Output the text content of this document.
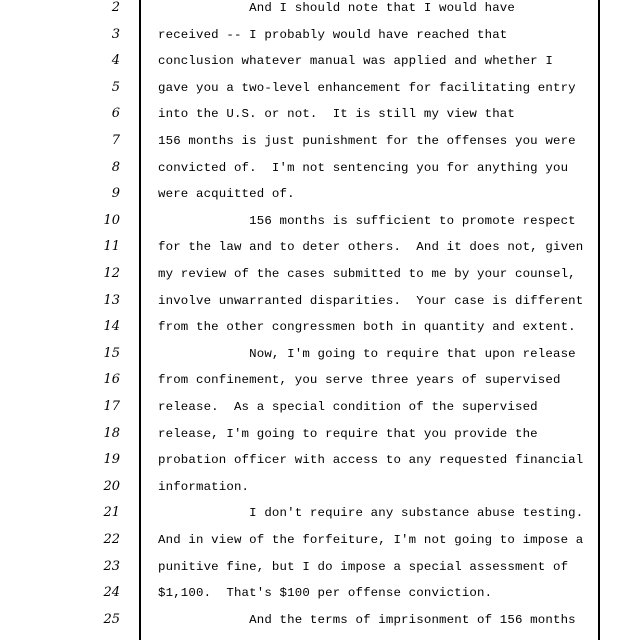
2	And I should note that I would have
3	received -- I probably would have reached that
4	conclusion whatever manual was applied and whether I
5	gave you a two-level enhancement for facilitating entry
6	into the U.S. or not.  It is still my view that
7	156 months is just punishment for the offenses you were
8	convicted of.  I'm not sentencing you for anything you
9	were acquitted of.
10	156 months is sufficient to promote respect
11	for the law and to deter others.  And it does not, given
12	my review of the cases submitted to me by your counsel,
13	involve unwarranted disparities.  Your case is different
14	from the other congressmen both in quantity and extent.
15	Now, I'm going to require that upon release
16	from confinement, you serve three years of supervised
17	release.  As a special condition of the supervised
18	release, I'm going to require that you provide the
19	probation officer with access to any requested financial
20	information.
21	I don't require any substance abuse testing.
22	And in view of the forfeiture, I'm not going to impose a
23	punitive fine, but I do impose a special assessment of
24	$1,100.  That's $100 per offense conviction.
25	And the terms of imprisonment of 156 months
